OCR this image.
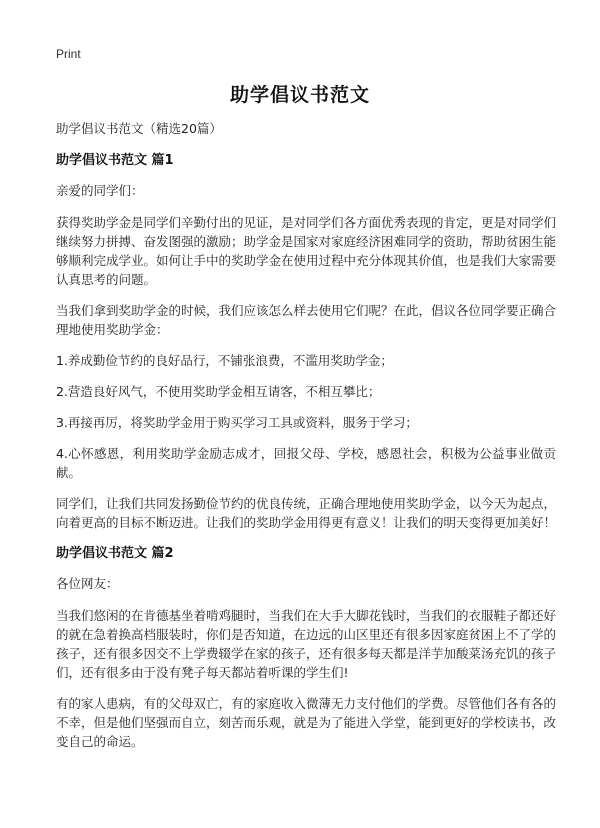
Print
助学倡议书范文
助学倡议书范文（精选20篇）
助学倡议书范文 篇1
亲爱的同学们：
获得奖助学金是同学们辛勤付出的见证，是对同学们各方面优秀表现的肯定，更是对同学们继续努力拼搏、奋发图强的激励；助学金是国家对家庭经济困难同学的资助，帮助贫困生能够顺利完成学业。如何让手中的奖助学金在使用过程中充分体现其价值，也是我们大家需要认真思考的问题。
当我们拿到奖助学金的时候，我们应该怎么样去使用它们呢？在此，倡议各位同学要正确合理地使用奖助学金：
1.养成勤俭节约的良好品行，不铺张浪费，不滥用奖助学金；
2.营造良好风气，不使用奖助学金相互请客，不相互攀比；
3.再接再厉，将奖助学金用于购买学习工具或资料，服务于学习；
4.心怀感恩，利用奖助学金励志成才，回报父母、学校，感恩社会，积极为公益事业做贡献。
同学们，让我们共同发扬勤俭节约的优良传统，正确合理地使用奖助学金，以今天为起点，向着更高的目标不断迈进。让我们的奖助学金用得更有意义！让我们的明天变得更加美好！
助学倡议书范文 篇2
各位网友：
当我们悠闲的在肯德基坐着啃鸡腿时，当我们在大手大脚花钱时，当我们的衣服鞋子都还好的就在急着换高档服装时，你们是否知道，在边远的山区里还有很多因家庭贫困上不了学的孩子，还有很多因交不上学费辍学在家的孩子，还有很多每天都是洋芋加酸菜汤充饥的孩子们，还有很多由于没有凳子每天都站着听课的学生们!
有的家人患病，有的父母双亡，有的家庭收入微薄无力支付他们的学费。尽管他们各有各的不幸，但是他们坚强而自立，刻苦而乐观，就是为了能进入学堂，能到更好的学校读书，改变自己的命运。
